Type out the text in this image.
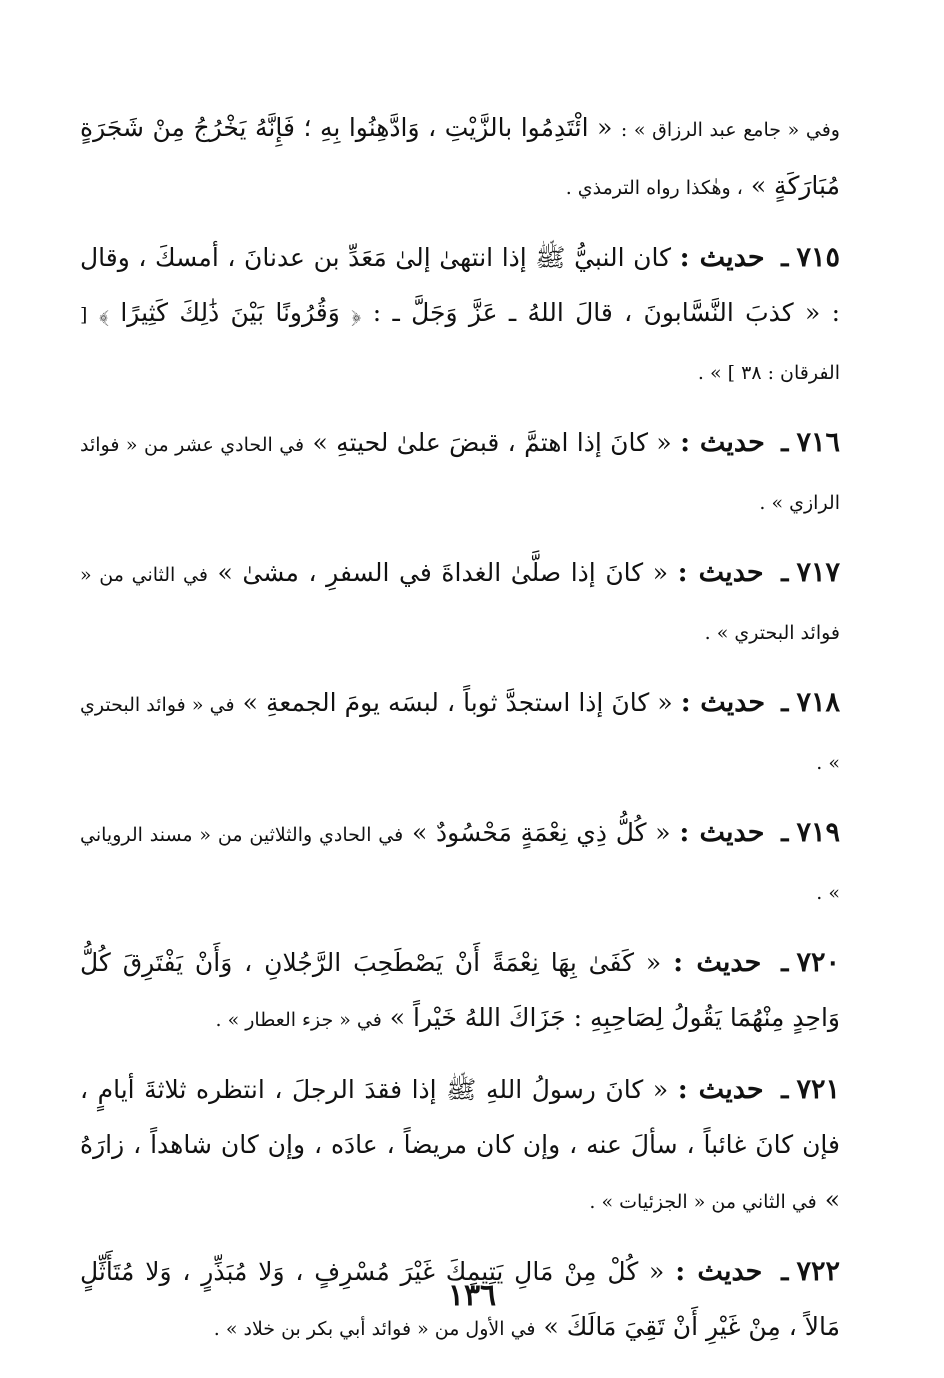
وفي « جامع عبد الرزاق » : « ائْتَدِمُوا بالزَّيْتِ ، وَادَّهِنُوا بِهِ ؛ فَإِنَّهُ يَخْرُجُ مِنْ شَجَرَةٍ مُبَارَكَةٍ » ، وهٰكذا رواه الترمذي .

٧١٥ـ حديث : كان النبيُّ ﷺ إذا انتهىٰ إلىٰ مَعَدِّ بن عدنانَ ، أمسكَ ، وقال : « كذبَ النَّسَّابونَ ، قالَ اللهُ ـ عَزَّ وَجَلَّ ـ : ﴿ وَقُرُونًا بَيْنَ ذَٰلِكَ كَثِيرًا ﴾ [ الفرقان : ٣٨ ] » .

٧١٦ـ حديث : « كانَ إذا اهتمَّ ، قبضَ علىٰ لحيتهِ » في الحادي عشر من « فوائد الرازي » .

٧١٧ـ حديث : « كانَ إذا صلَّىٰ الغداةَ في السفرِ ، مشىٰ » في الثاني من « فوائد البحتري » .

٧١٨ـ حديث : « كانَ إذا استجدَّ ثوباً ، لبسَه يومَ الجمعةِ » في « فوائد البحتري » .

٧١٩ـ حديث : « كُلُّ ذِي نِعْمَةٍ مَحْسُودٌ » في الحادي والثلاثين من « مسند الروياني » .

٧٢٠ـ حديث : « كَفَىٰ بِهَا نِعْمَةً أَنْ يَصْطَحِبَ الرَّجُلانِ ، وَأَنْ يَفْتَرِقَ كُلُّ وَاحِدٍ مِنْهُمَا يَقُولُ لِصَاحِبِهِ : جَزَاكَ اللهُ خَيْراً » في « جزء العطار » .

٧٢١ـ حديث : « كانَ رسولُ اللهِ ﷺ إذا فقدَ الرجلَ ، انتظره ثلاثةَ أيامٍ ، فإن كانَ غائباً ، سألَ عنه ، وإن كان مريضاً ، عادَه ، وإن كان شاهداً ، زارَهُ » في الثاني من « الجزئيات » .

٧٢٢ـ حديث : « كُلْ مِنْ مَالِ يَتِيمِكَ غَيْرَ مُسْرِفٍ ، وَلا مُبَذِّرٍ ، وَلا مُتَأَثِّلٍ مَالاً ، مِنْ غَيْرِ أَنْ تَقِيَ مَالَكَ » في الأول من « فوائد أبي بكر بن خلاد » .

١٣٦
